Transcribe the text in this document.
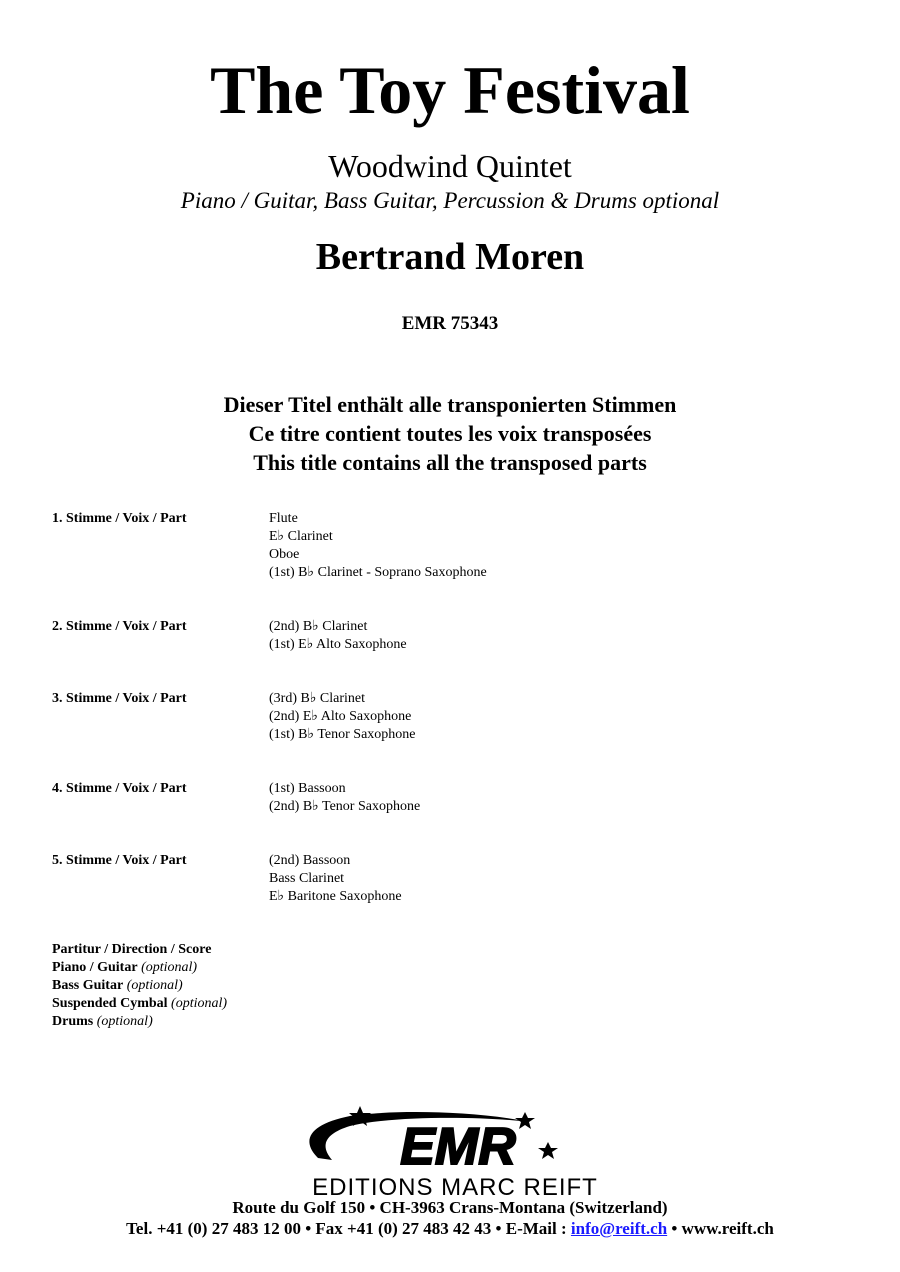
The Toy Festival
Woodwind Quintet
Piano / Guitar, Bass Guitar, Percussion & Drums optional
Bertrand Moren
EMR 75343
Dieser Titel enthält alle transponierten Stimmen
Ce titre contient toutes les voix transposées
This title contains all the transposed parts
1. Stimme / Voix / Part	Flute
E♭ Clarinet
Oboe
(1st) B♭ Clarinet - Soprano Saxophone
2. Stimme / Voix / Part	(2nd) B♭ Clarinet
(1st) E♭ Alto Saxophone
3. Stimme / Voix / Part	(3rd) B♭ Clarinet
(2nd) E♭ Alto Saxophone
(1st) B♭ Tenor Saxophone
4. Stimme / Voix / Part	(1st) Bassoon
(2nd) B♭ Tenor Saxophone
5. Stimme / Voix / Part	(2nd) Bassoon
Bass Clarinet
E♭ Baritone Saxophone
Partitur / Direction / Score
Piano / Guitar (optional)
Bass Guitar (optional)
Suspended Cymbal (optional)
Drums (optional)
EMR
EDITIONS MARC REIFT
Route du Golf 150 • CH-3963 Crans-Montana (Switzerland)
Tel. +41 (0) 27 483 12 00 • Fax +41 (0) 27 483 42 43 • E-Mail : info@reift.ch • www.reift.ch
